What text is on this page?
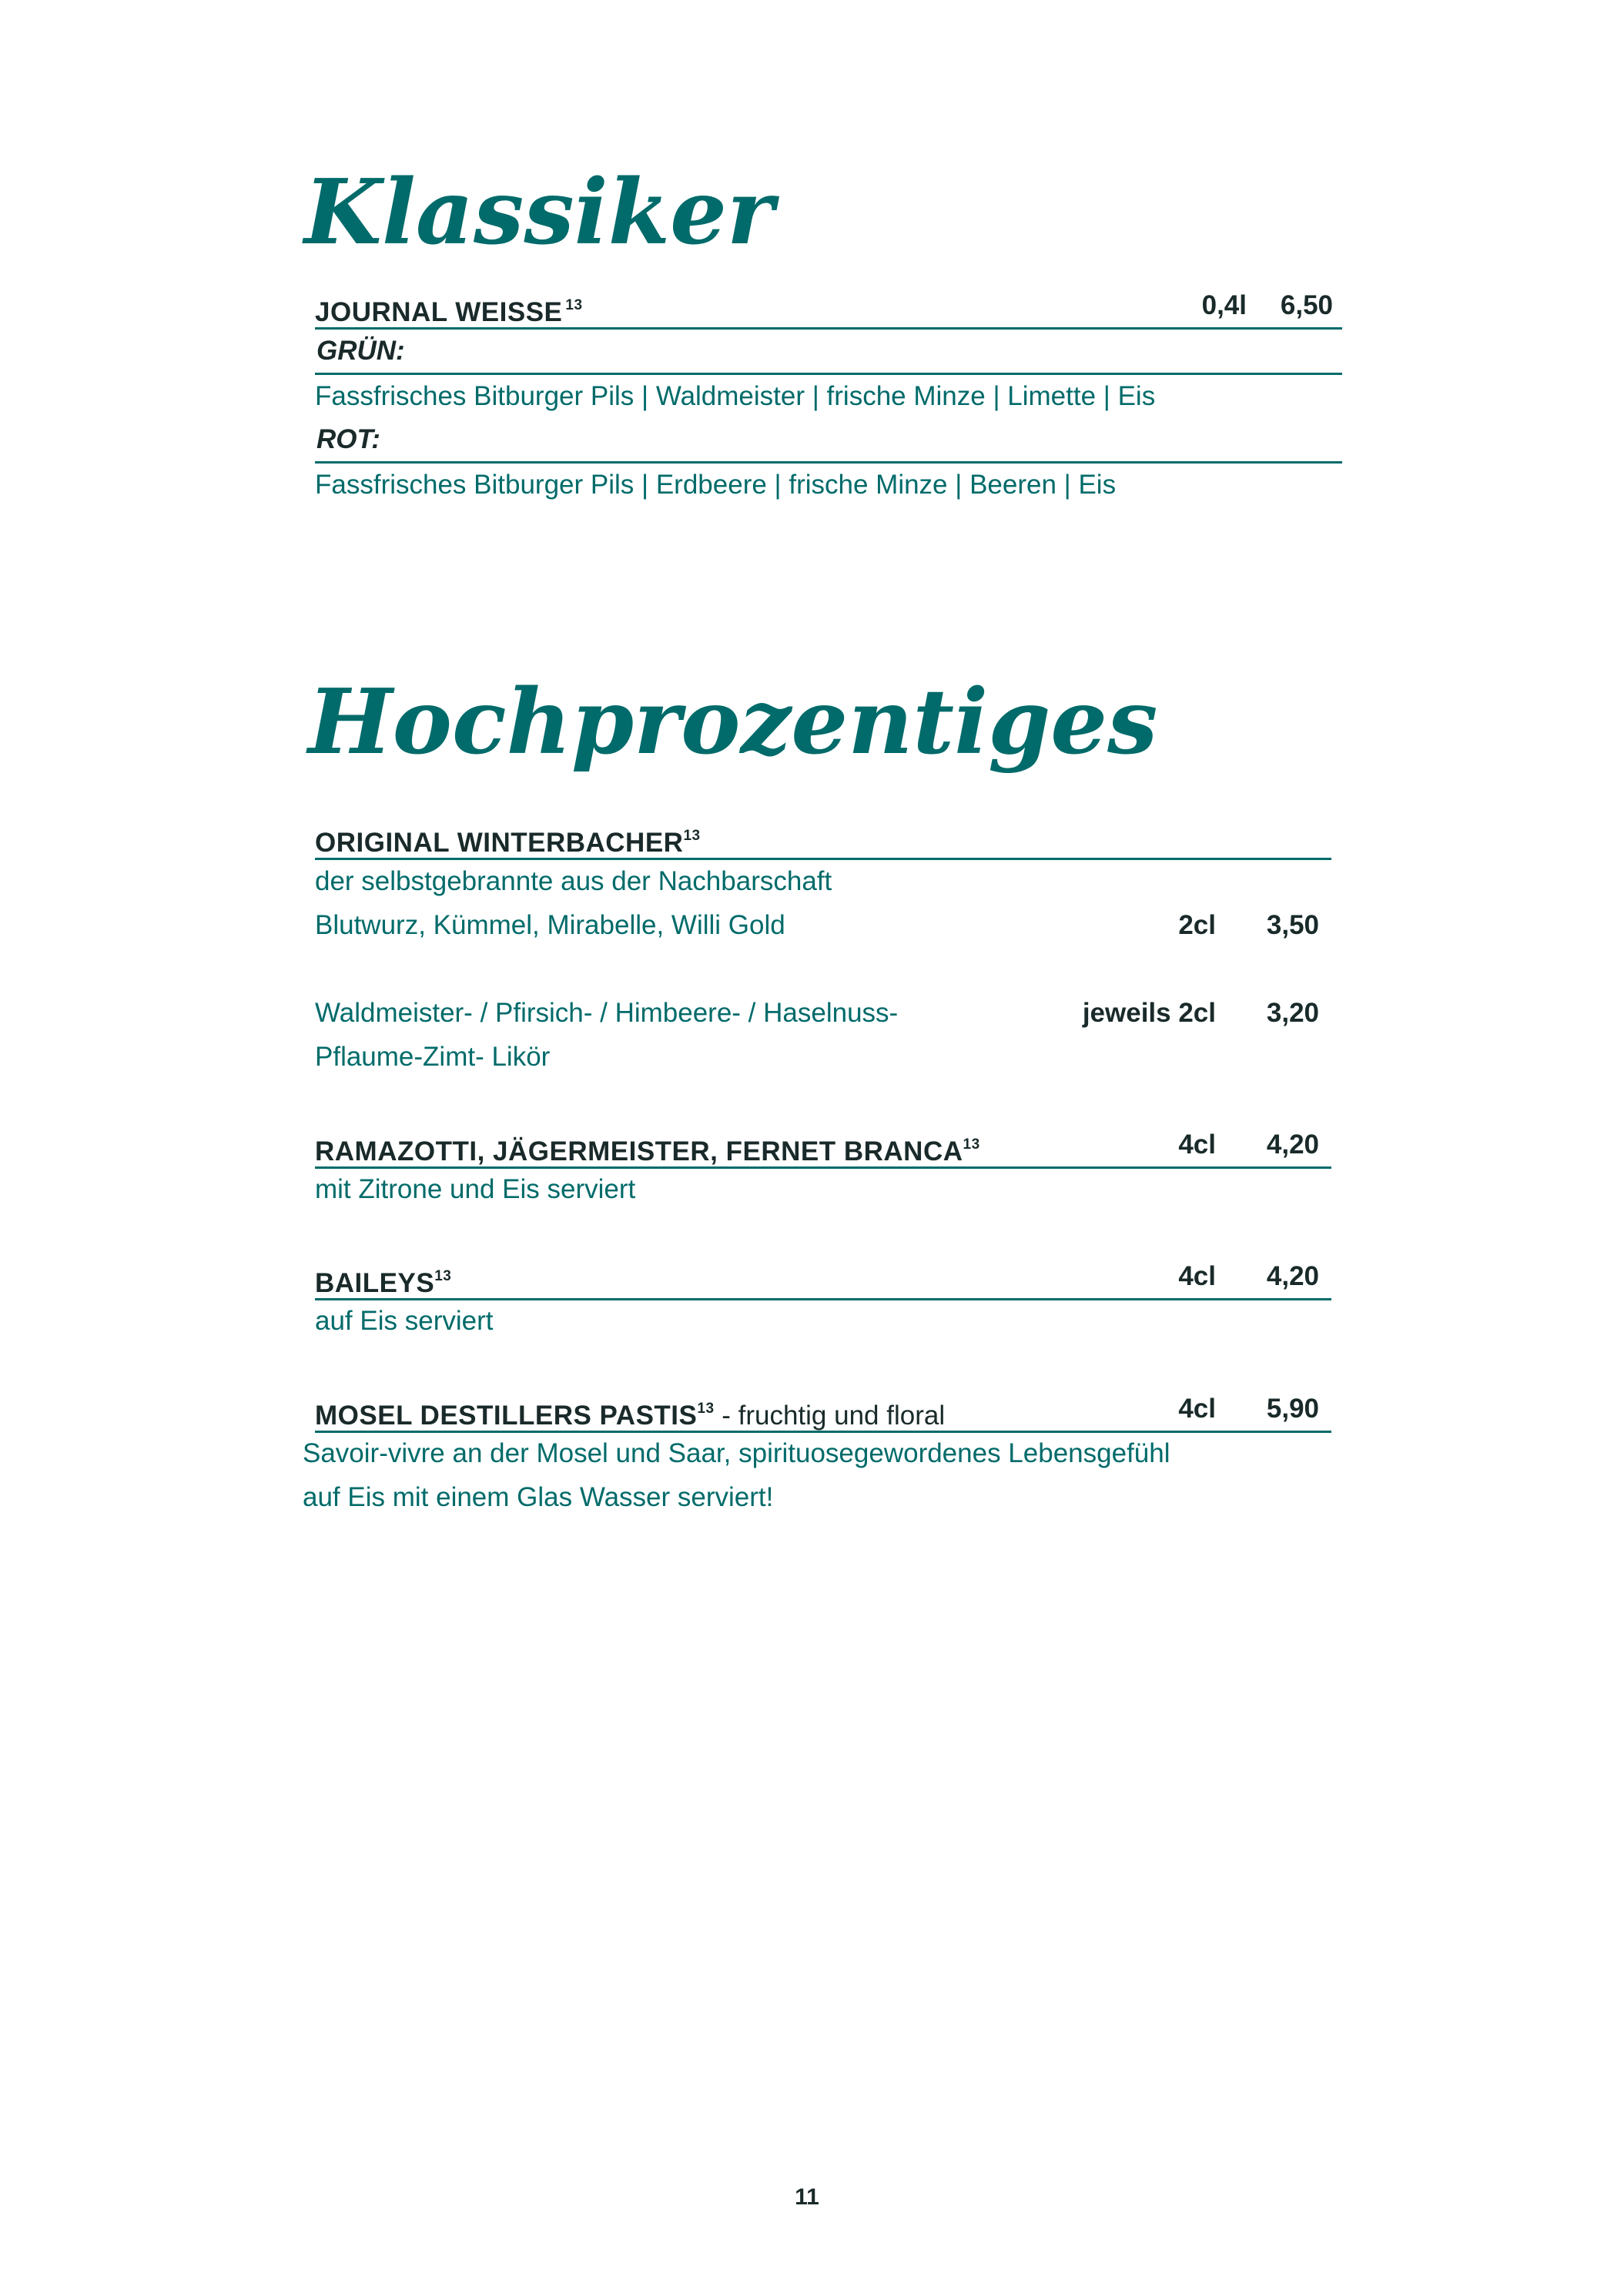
Klassiker
JOURNAL WEISSE $^{13}$	0,4l 6,50
GRÜN:
Fassfrisches Bitburger Pils | Waldmeister | frische Minze | Limette | Eis
ROT:
Fassfrisches Bitburger Pils | Erdbeere | frische Minze | Beeren | Eis
Hochprozentiges
ORIGINAL WINTERBACHER$^{13}$
der selbstgebrannte aus der Nachbarschaft
Blutwurz, Kümmel, Mirabelle, Willi Gold	2cl 3,50
Waldmeister- / Pfirsich- / Himbeere- / Haselnuss-	jeweils 2cl 3,20
Pflaume-Zimt- Likör
RAMAZOTTI, JÄGERMEISTER, FERNET BRANCA$^{13}$	4cl 4,20
mit Zitrone und Eis serviert
BAILEYS$^{13}$	4cl 4,20
auf Eis serviert
MOSEL DESTILLERS PASTIS$^{13}$ - fruchtig und floral	4cl 5,90
Savoir-vivre an der Mosel und Saar, spirituosegewordenes Lebensgefühl
auf Eis mit einem Glas Wasser serviert!
11
